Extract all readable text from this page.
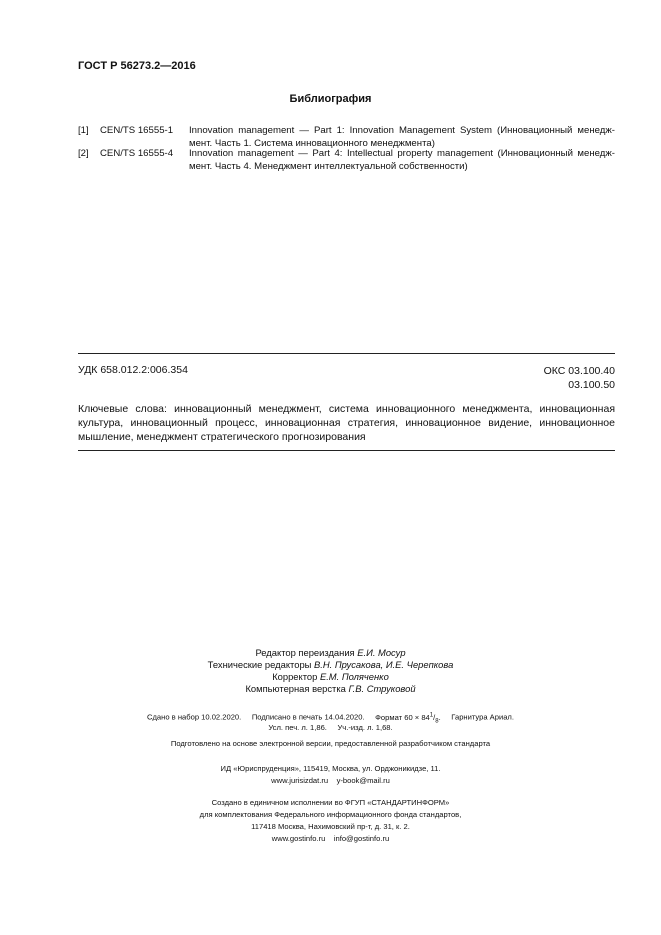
ГОСТ Р 56273.2—2016
Библиография
[1] CEN/TS 16555-1 Innovation management — Part 1: Innovation Management System (Инновационный менедж-мент. Часть 1. Система инновационного менеджмента)
[2] CEN/TS 16555-4 Innovation management — Part 4: Intellectual property management (Инновационный менедж-мент. Часть 4. Менеджмент интеллектуальной собственности)
УДК 658.012.2:006.354	ОКС 03.100.40
03.100.50
Ключевые слова: инновационный менеджмент, система инновационного менеджмента, инновационная культура, инновационный процесс, инновационная стратегия, инновационное видение, инновационное мышление, менеджмент стратегического прогнозирования
Редактор переиздания Е.И. Мосур
Технические редакторы В.Н. Прусакова, И.Е. Черепкова
Корректор Е.М. Поляченко
Компьютерная верстка Г.В. Струковой
Сдано в набор 10.02.2020. Подписано в печать 14.04.2020. Формат $60 \times 84^1/_8$. Гарнитура Ариал.
Усл. печ. л. 1,86. Уч.-изд. л. 1,68.
Подготовлено на основе электронной версии, предоставленной разработчиком стандарта
ИД «Юриспруденция», 115419, Москва, ул. Орджоникидзе, 11.
www.jurisizdat.ru y-book@mail.ru
Создано в единичном исполнении во ФГУП «СТАНДАРТИНФОРМ»
для комплектования Федерального информационного фонда стандартов,
117418 Москва, Нахимовский пр-т, д. 31, к. 2.
www.gostinfo.ru info@gostinfo.ru
